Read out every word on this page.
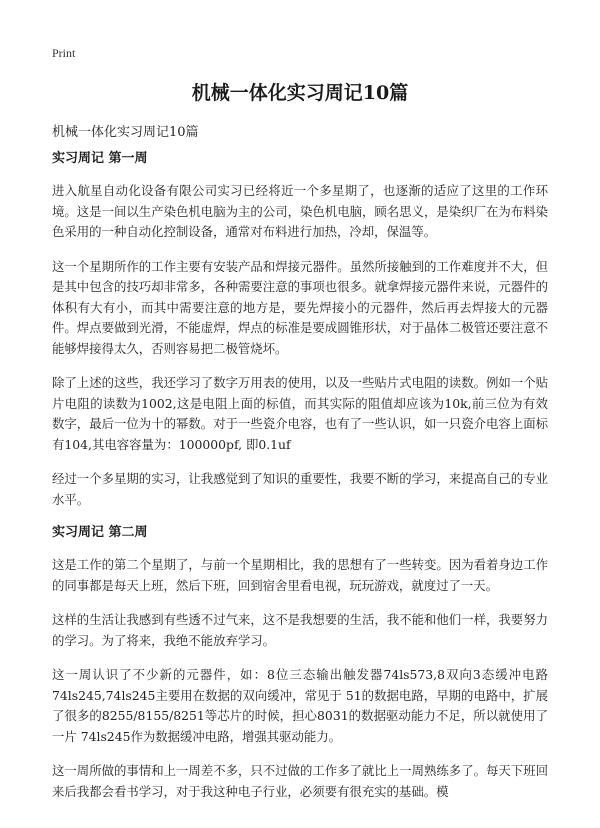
Print
机械一体化实习周记10篇
机械一体化实习周记10篇
实习周记 第一周

进入航星自动化设备有限公司实习已经将近一个多星期了，也逐渐的适应了这里的工作环境。这是一间以生产染色机电脑为主的公司，染色机电脑，顾名思义，是染织厂在为布料染色采用的一种自动化控制设备，通常对布料进行加热，冷却，保温等。

这一个星期所作的工作主要有安装产品和焊接元器件。虽然所接触到的工作难度并不大，但是其中包含的技巧却非常多，各种需要注意的事项也很多。就拿焊接元器件来说，元器件的体积有大有小，而其中需要注意的地方是，要先焊接小的元器件，然后再去焊接大的元器件。焊点要做到光滑，不能虚焊，焊点的标准是要成圆锥形状，对于晶体二极管还要注意不能够焊接得太久，否则容易把二极管烧坏。

除了上述的这些，我还学习了数字万用表的使用，以及一些贴片式电阻的读数。例如一个贴片电阻的读数为1002,这是电阻上面的标值，而其实际的阻值却应该为10k,前三位为有效数字，最后一位为十的幂数。对于一些瓷介电容，也有了一些认识，如一只瓷介电容上面标有104,其电容容量为：100000pf, 即0.1uf

经过一个多星期的实习，让我感觉到了知识的重要性，我要不断的学习，来提高自己的专业水平。

实习周记 第二周

这是工作的第二个星期了，与前一个星期相比，我的思想有了一些转变。因为看着身边工作的同事都是每天上班，然后下班，回到宿舍里看电视，玩玩游戏，就度过了一天。

这样的生活让我感到有些透不过气来，这不是我想要的生活，我不能和他们一样，我要努力的学习。为了将来，我绝不能放弃学习。

这一周认识了不少新的元器件，如：8位三态输出触发器74ls573,8双向3态缓冲电路74ls245,74ls245主要用在数据的双向缓冲，常见于 51的数据电路，早期的电路中，扩展了很多的8255/8155/8251等芯片的时候，担心8031的数据驱动能力不足，所以就使用了一片 74ls245作为数据缓冲电路，增强其驱动能力。

这一周所做的事情和上一周差不多，只不过做的工作多了就比上一周熟练多了。每天下班回来后我都会看书学习，对于我这种电子行业，必须要有很充实的基础。模
